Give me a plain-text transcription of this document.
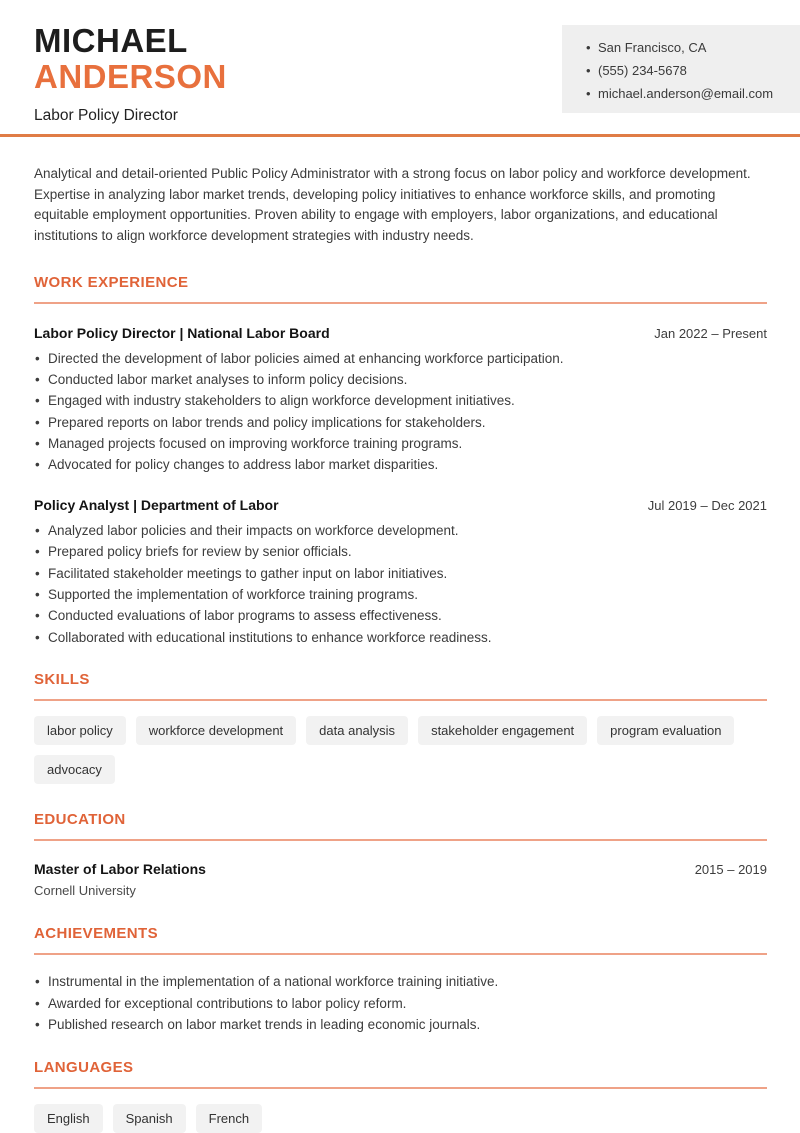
MICHAEL
ANDERSON
Labor Policy Director
• San Francisco, CA
• (555) 234-5678
• michael.anderson@email.com

Analytical and detail-oriented Public Policy Administrator with a strong focus on labor policy and workforce development. Expertise in analyzing labor market trends, developing policy initiatives to enhance workforce skills, and promoting equitable employment opportunities. Proven ability to engage with employers, labor organizations, and educational institutions to align workforce development strategies with industry needs.

WORK EXPERIENCE
Labor Policy Director | National Labor Board	Jan 2022 – Present
• Directed the development of labor policies aimed at enhancing workforce participation.
• Conducted labor market analyses to inform policy decisions.
• Engaged with industry stakeholders to align workforce development initiatives.
• Prepared reports on labor trends and policy implications for stakeholders.
• Managed projects focused on improving workforce training programs.
• Advocated for policy changes to address labor market disparities.
Policy Analyst | Department of Labor	Jul 2019 – Dec 2021
• Analyzed labor policies and their impacts on workforce development.
• Prepared policy briefs for review by senior officials.
• Facilitated stakeholder meetings to gather input on labor initiatives.
• Supported the implementation of workforce training programs.
• Conducted evaluations of labor programs to assess effectiveness.
• Collaborated with educational institutions to enhance workforce readiness.
SKILLS
labor policy	workforce development	data analysis	stakeholder engagement	program evaluation
advocacy
EDUCATION
Master of Labor Relations	2015 – 2019
Cornell University
ACHIEVEMENTS
• Instrumental in the implementation of a national workforce training initiative.
• Awarded for exceptional contributions to labor policy reform.
• Published research on labor market trends in leading economic journals.
LANGUAGES
English	Spanish	French
